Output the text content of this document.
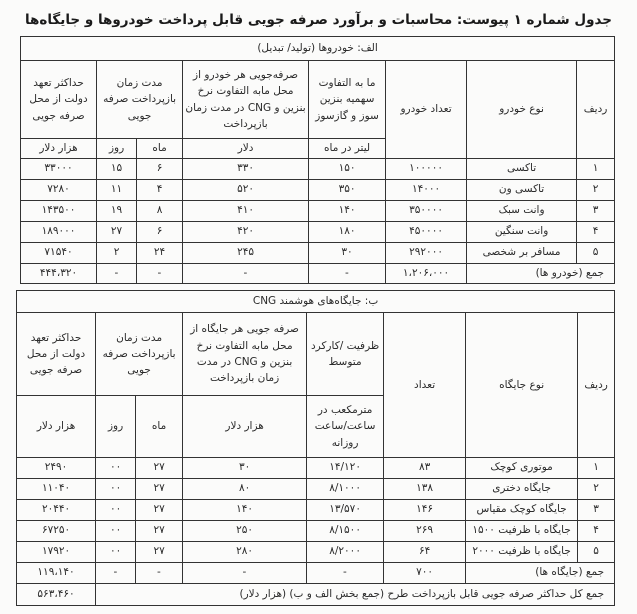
جدول شماره ۱ پیوست: محاسبات و برآورد صرفه جویی قابل پرداخت خودروها و جایگاه‌ها
الف: خودروها (تولید/ تبدیل)							
ردیف	نوع خودرو	تعداد خودرو	ما به التفاوت سهمیه بنزین سوز و گازسوز	صرفه‌جویی هر خودرو از محل مابه التفاوت نرخ بنزین و CNG در مدت زمان بازپرداخت	مدت زمان بازپرداخت صرفه جویی		حداکثر تعهد دولت از محل صرفه جویی
			لیتر در ماه	دلار	ماه	روز	هزار دلار
۱	تاکسی	۱۰۰۰۰۰	۱۵۰	۳۳۰	۶	۱۵	۳۳۰۰۰
۲	تاکسی ون	۱۴۰۰۰	۳۵۰	۵۲۰	۴	۱۱	۷۲۸۰
۳	وانت سبک	۳۵۰۰۰۰	۱۴۰	۴۱۰	۸	۱۹	۱۴۳۵۰۰
۴	وانت سنگین	۴۵۰۰۰۰	۱۸۰	۴۲۰	۶	۲۷	۱۸۹۰۰۰
۵	مسافر بر شخصی	۲۹۲۰۰۰	۳۰	۲۴۵	۲۴	۲	۷۱۵۴۰
جمع (خودرو ها)		۱،۲۰۶،۰۰۰	-	-	-	-	۴۴۴،۳۲۰
ب: جایگاه‌های هوشمند CNG							
ردیف	نوع جایگاه	تعداد	ظرفیت /کارکرد متوسط	صرفه جویی هر جایگاه از محل مابه التفاوت نرخ بنزین و CNG در مدت زمان بازپرداخت	مدت زمان بازپرداخت صرفه جویی		حداکثر تعهد دولت از محل صرفه جویی
			مترمکعب در ساعت/ساعت روزانه	هزار دلار	ماه	روز	هزار دلار
۱	موتوری کوچک	۸۳	۱۴/۱۲۰	۳۰	۲۷	۰۰	۲۴۹۰
۲	جایگاه دختری	۱۳۸	۸/۱۰۰۰	۸۰	۲۷	۰۰	۱۱۰۴۰
۳	جایگاه کوچک مقیاس	۱۴۶	۱۳/۵۷۰	۱۴۰	۲۷	۰۰	۲۰۴۴۰
۴	جایگاه با ظرفیت ۱۵۰۰	۲۶۹	۸/۱۵۰۰	۲۵۰	۲۷	۰۰	۶۷۲۵۰
۵	جایگاه با ظرفیت ۲۰۰۰	۶۴	۸/۲۰۰۰	۲۸۰	۲۷	۰۰	۱۷۹۲۰
جمع (جایگاه ها)		۷۰۰	-	-	-	-	۱۱۹،۱۴۰
جمع کل حداکثر صرفه جویی قابل بازپرداخت طرح (جمع بخش الف و ب) (هزار دلار)							۵۶۳،۴۶۰
